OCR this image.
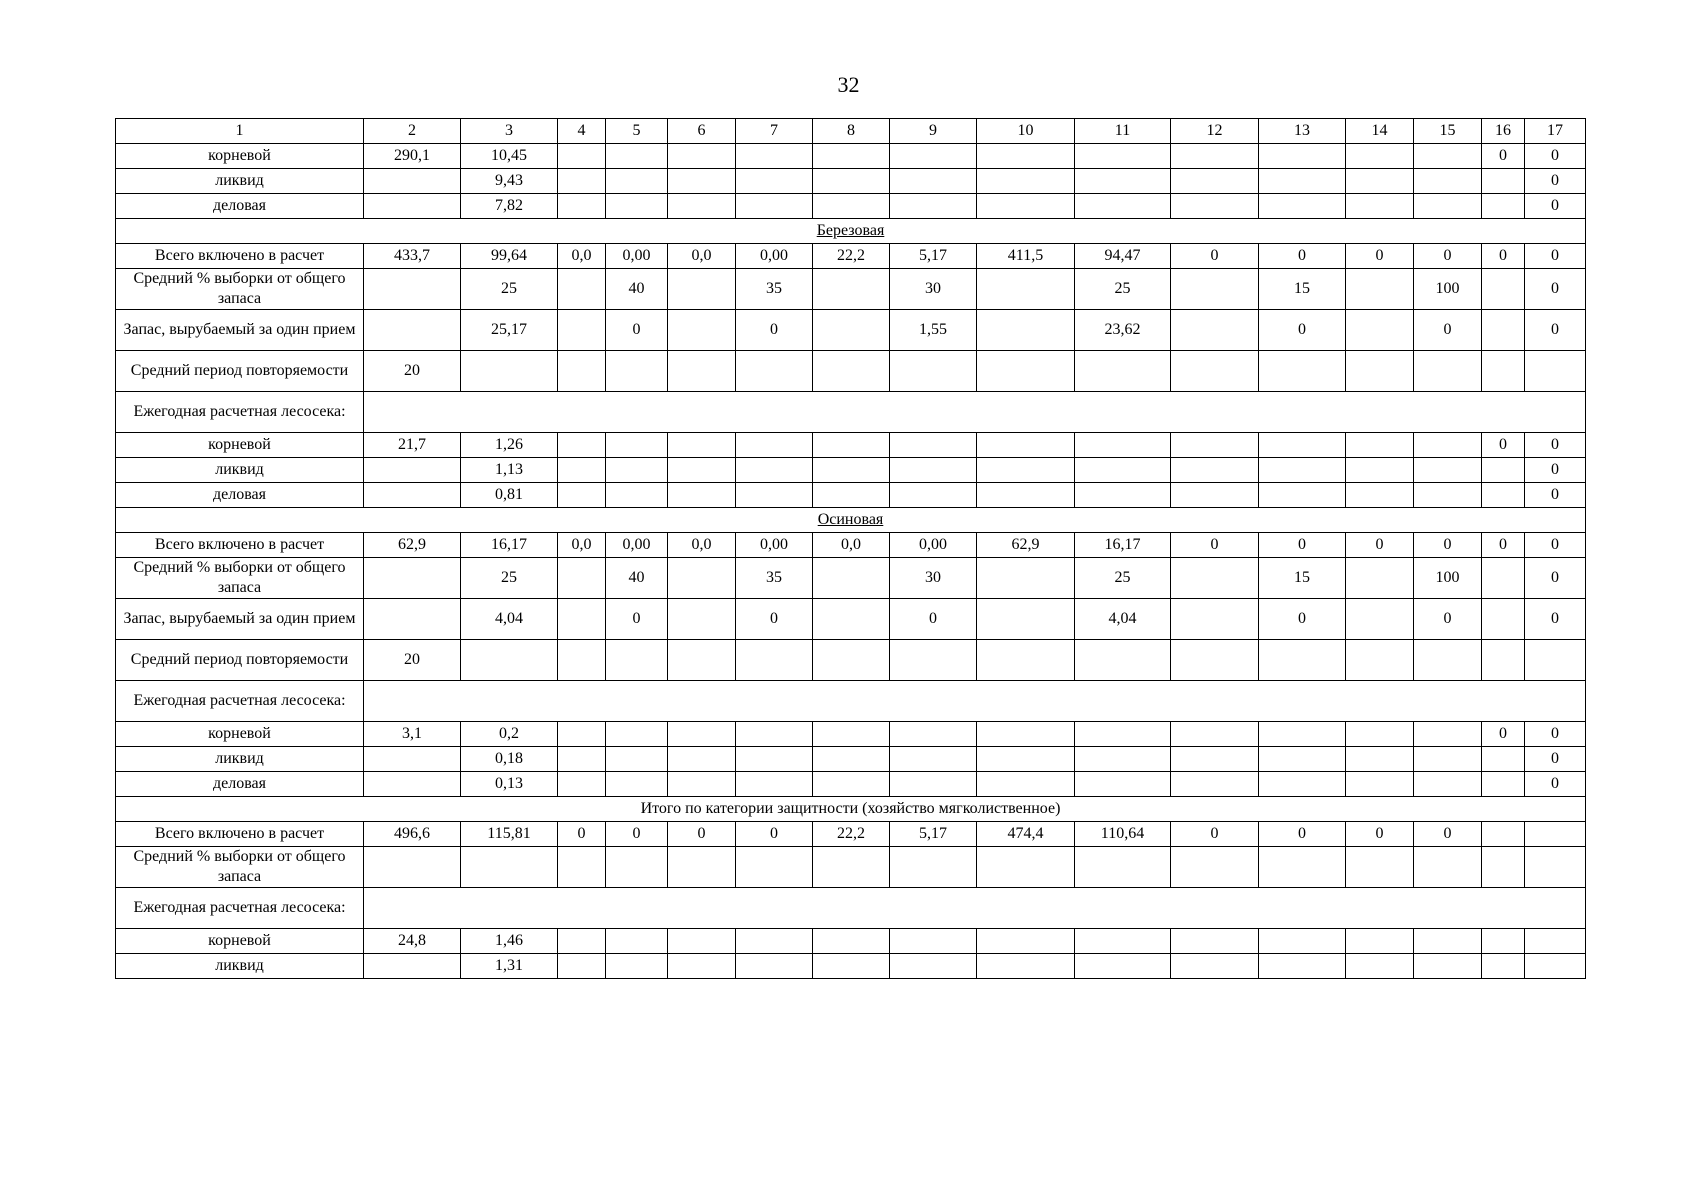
32
1	2	3	4	5	6	7	8	9	10	11	12	13	14	15	16	17
корневой	290,1	10,45													0	0
ликвид		9,43														0
деловая		7,82														0
Березовая																
Всего включено в расчет	433,7	99,64	0,0	0,00	0,0	0,00	22,2	5,17	411,5	94,47	0	0	0	0	0	0
Средний % выборки от общего запаса		25		40		35		30		25		15		100		0
Запас, вырубаемый за один прием		25,17		0		0		1,55		23,62		0		0		0
Средний период повторяемости	20															
Ежегодная расчетная лесосека:																
корневой	21,7	1,26													0	0
ликвид		1,13														0
деловая		0,81														0
Осиновая																
Всего включено в расчет	62,9	16,17	0,0	0,00	0,0	0,00	0,0	0,00	62,9	16,17	0	0	0	0	0	0
Средний % выборки от общего запаса		25		40		35		30		25		15		100		0
Запас, вырубаемый за один прием		4,04		0		0		0		4,04		0		0		0
Средний период повторяемости	20															
Ежегодная расчетная лесосека:																
корневой	3,1	0,2													0	0
ликвид		0,18														0
деловая		0,13														0
Итого по категории защитности (хозяйство мягколиственное)																
Всего включено в расчет	496,6	115,81	0	0	0	0	22,2	5,17	474,4	110,64	0	0	0	0		
Средний % выборки от общего запаса																
Ежегодная расчетная лесосека:																
корневой	24,8	1,46														
ликвид		1,31														
